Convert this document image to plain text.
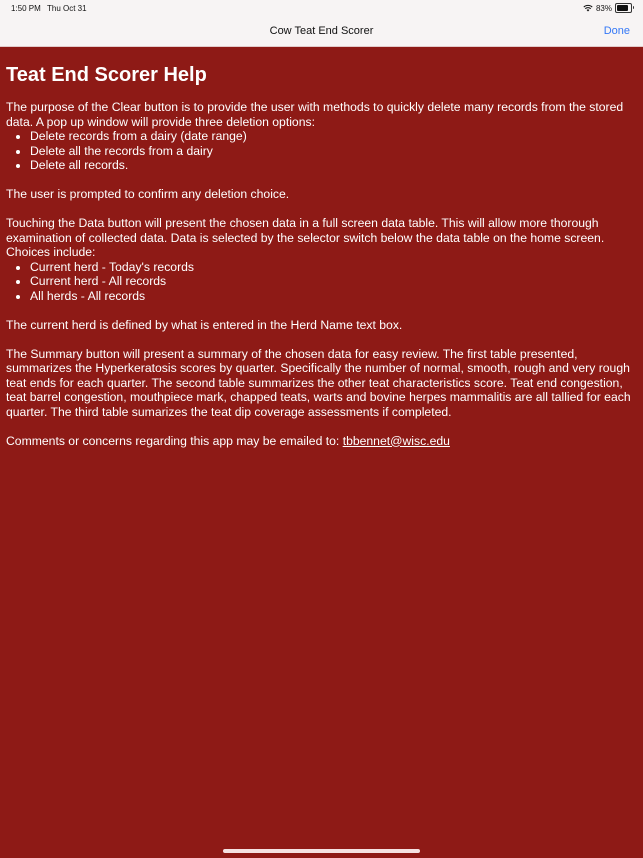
1:50 PM Thu Oct 31	83%
Cow Teat End Scorer	Done
Teat End Scorer Help

The purpose of the Clear button is to provide the user with methods to quickly delete many records from the stored data. A pop up window will provide three deletion options:

• Delete records from a dairy (date range)
• Delete all the records from a dairy
• Delete all records.

The user is prompted to confirm any deletion choice.

Touching the Data button will present the chosen data in a full screen data table. This will allow more thorough examination of collected data. Data is selected by the selector switch below the data table on the home screen. Choices include:

• Current herd - Today's records
• Current herd - All records
• All herds - All records

The current herd is defined by what is entered in the Herd Name text box.

The Summary button will present a summary of the chosen data for easy review. The first table presented, summarizes the Hyperkeratosis scores by quarter. Specifically the number of normal, smooth, rough and very rough teat ends for each quarter. The second table summarizes the other teat characteristics score. Teat end congestion, teat barrel congestion, mouthpiece mark, chapped teats, warts and bovine herpes mammalitis are all tallied for each quarter. The third table sumarizes the teat dip coverage assessments if completed.

Comments or concerns regarding this app may be emailed to: tbbennet@wisc.edu
